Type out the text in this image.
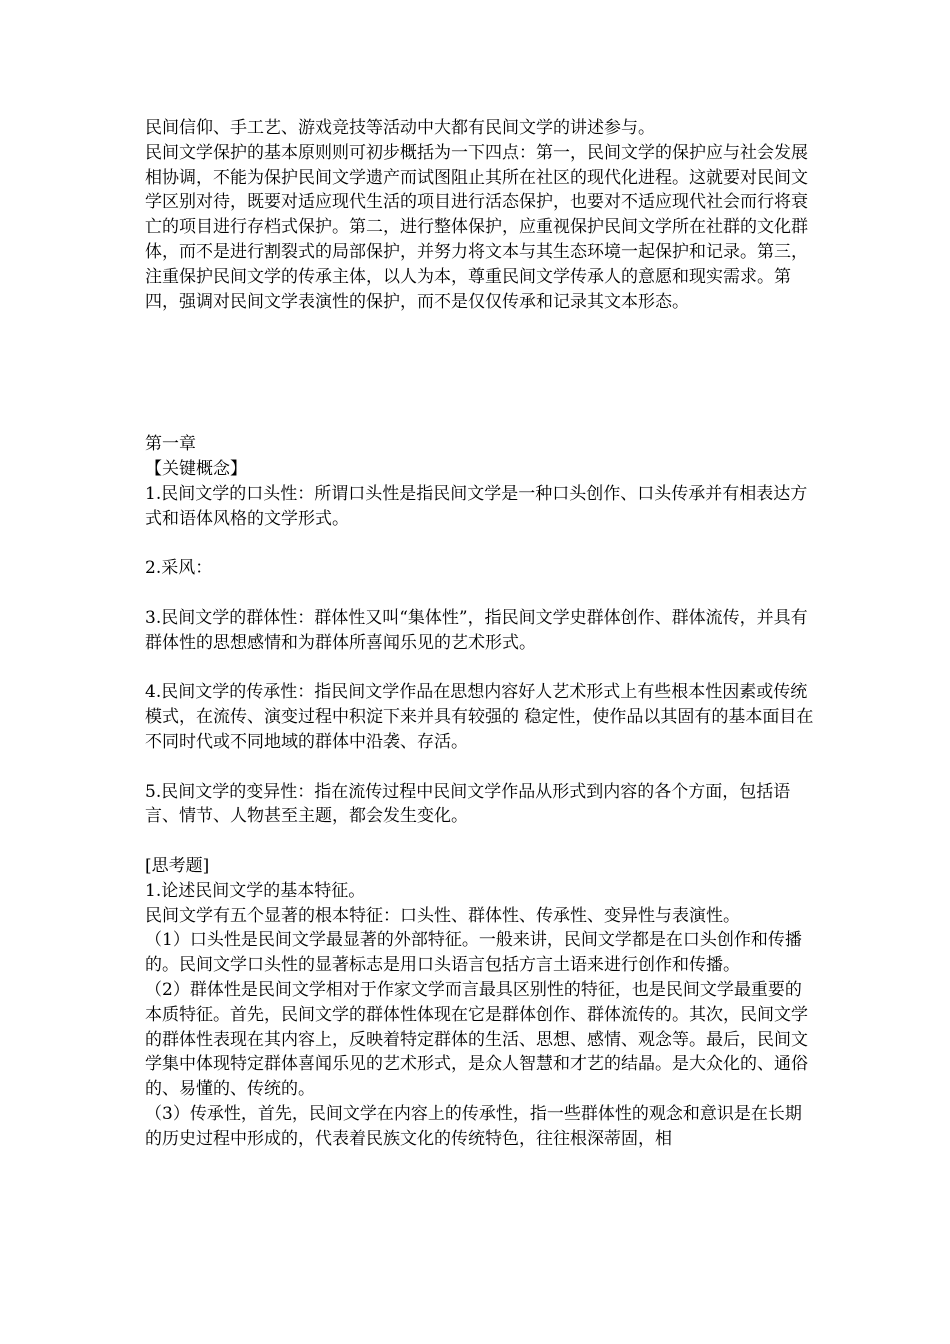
民间信仰、手工艺、游戏竞技等活动中大都有民间文学的讲述参与。

民间文学保护的基本原则则可初步概括为一下四点：第一，民间文学的保护应与社会发展相协调，不能为保护民间文学遗产而试图阻止其所在社区的现代化进程。这就要对民间文学区别对待，既要对适应现代生活的项目进行活态保护，也要对不适应现代社会而行将衰亡的项目进行存档式保护。第二，进行整体保护，应重视保护民间文学所在社群的文化群体，而不是进行割裂式的局部保护，并努力将文本与其生态环境一起保护和记录。第三，注重保护民间文学的传承主体，以人为本，尊重民间文学传承人的意愿和现实需求。第四，强调对民间文学表演性的保护，而不是仅仅传承和记录其文本形态。

第一章

【关键概念】

1.民间文学的口头性：所谓口头性是指民间文学是一种口头创作、口头传承并有相表达方式和语体风格的文学形式。

2.采风：

3.民间文学的群体性：群体性又叫“集体性”，指民间文学史群体创作、群体流传，并具有群体性的思想感情和为群体所喜闻乐见的艺术形式。

4.民间文学的传承性：指民间文学作品在思想内容好人艺术形式上有些根本性因素或传统模式，在流传、演变过程中积淀下来并具有较强的 稳定性，使作品以其固有的基本面目在不同时代或不同地域的群体中沿袭、存活。

5.民间文学的变异性：指在流传过程中民间文学作品从形式到内容的各个方面，包括语言、情节、人物甚至主题，都会发生变化。

[思考题]

1.论述民间文学的基本特征。

民间文学有五个显著的根本特征：口头性、群体性、传承性、变异性与表演性。

（1）口头性是民间文学最显著的外部特征。一般来讲，民间文学都是在口头创作和传播的。民间文学口头性的显著标志是用口头语言包括方言土语来进行创作和传播。

（2）群体性是民间文学相对于作家文学而言最具区别性的特征，也是民间文学最重要的本质特征。首先，民间文学的群体性体现在它是群体创作、群体流传的。其次，民间文学的群体性表现在其内容上，反映着特定群体的生活、思想、感情、观念等。最后，民间文学集中体现特定群体喜闻乐见的艺术形式，是众人智慧和才艺的结晶。是大众化的、通俗的、易懂的、传统的。

（3）传承性，首先，民间文学在内容上的传承性，指一些群体性的观念和意识是在长期的历史过程中形成的，代表着民族文化的传统特色，往往根深蒂固，相
